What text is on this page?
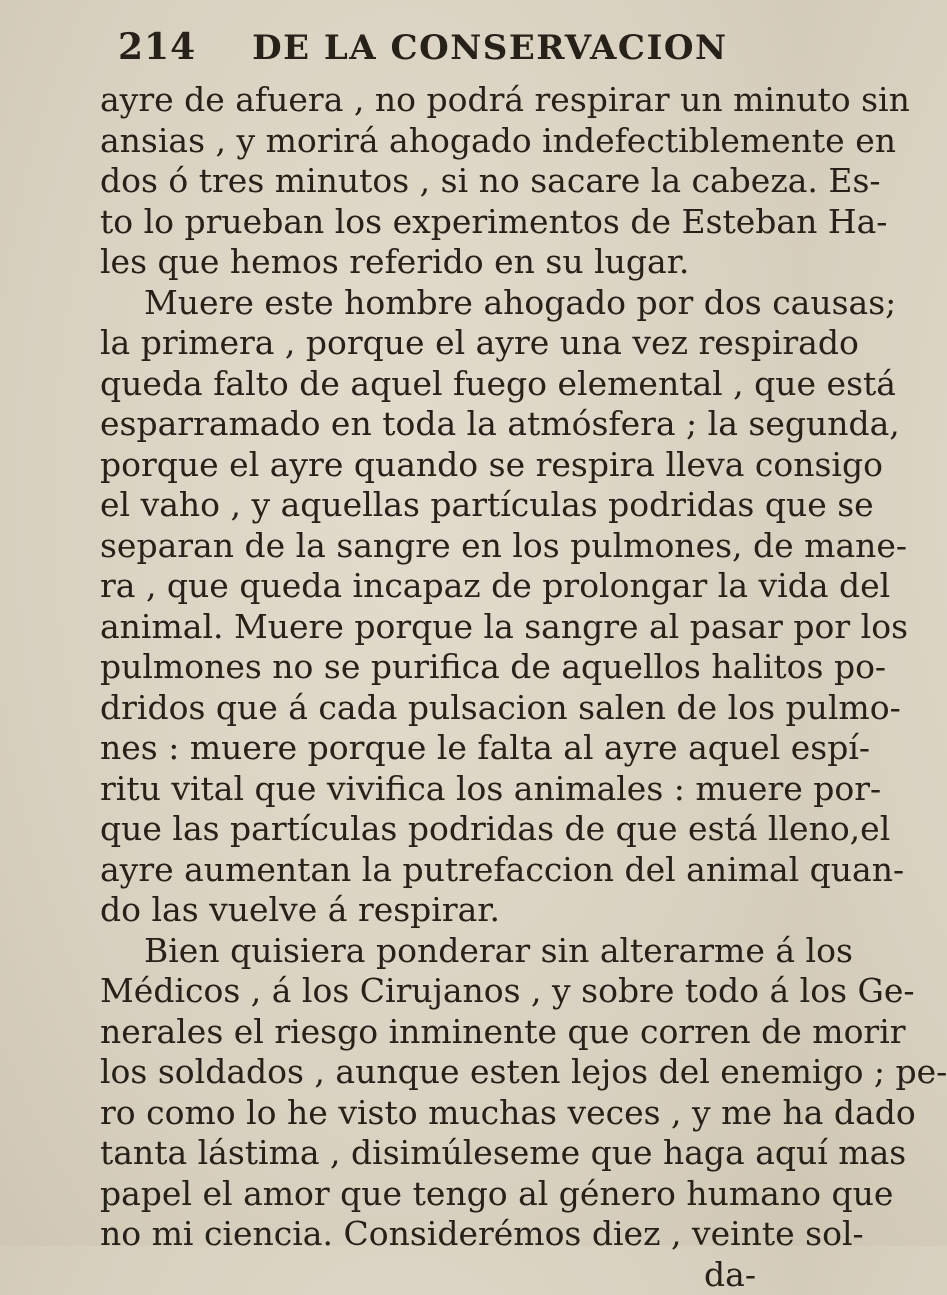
214 DE LA CONSERVACION
ayre de afuera , no podrá respirar un minuto sin
ansias , y morirá ahogado indefectiblemente en
dos ó tres minutos , si no sacare la cabeza. Es-
to lo prueban los experimentos de Esteban Ha-
les que hemos referido en su lugar.
Muere este hombre ahogado por dos causas;
la primera , porque el ayre una vez respirado
queda falto de aquel fuego elemental , que está
esparramado en toda la atmósfera ; la segunda,
porque el ayre quando se respira lleva consigo
el vaho , y aquellas partículas podridas que se
separan de la sangre en los pulmones, de mane-
ra , que queda incapaz de prolongar la vida del
animal. Muere porque la sangre al pasar por los
pulmones no se purifica de aquellos halitos po-
dridos que á cada pulsacion salen de los pulmo-
nes : muere porque le falta al ayre aquel espí-
ritu vital que vivifica los animales : muere por-
que las partículas podridas de que está lleno,el
ayre aumentan la putrefaccion del animal quan-
do las vuelve á respirar.
Bien quisiera ponderar sin alterarme á los
Médicos , á los Cirujanos , y sobre todo á los Ge-
nerales el riesgo inminente que corren de morir
los soldados , aunque esten lejos del enemigo ; pe-
ro como lo he visto muchas veces , y me ha dado
tanta lástima , disimúleseme que haga aquí mas
papel el amor que tengo al género humano que
no mi ciencia. Considerémos diez , veinte sol-
da-
